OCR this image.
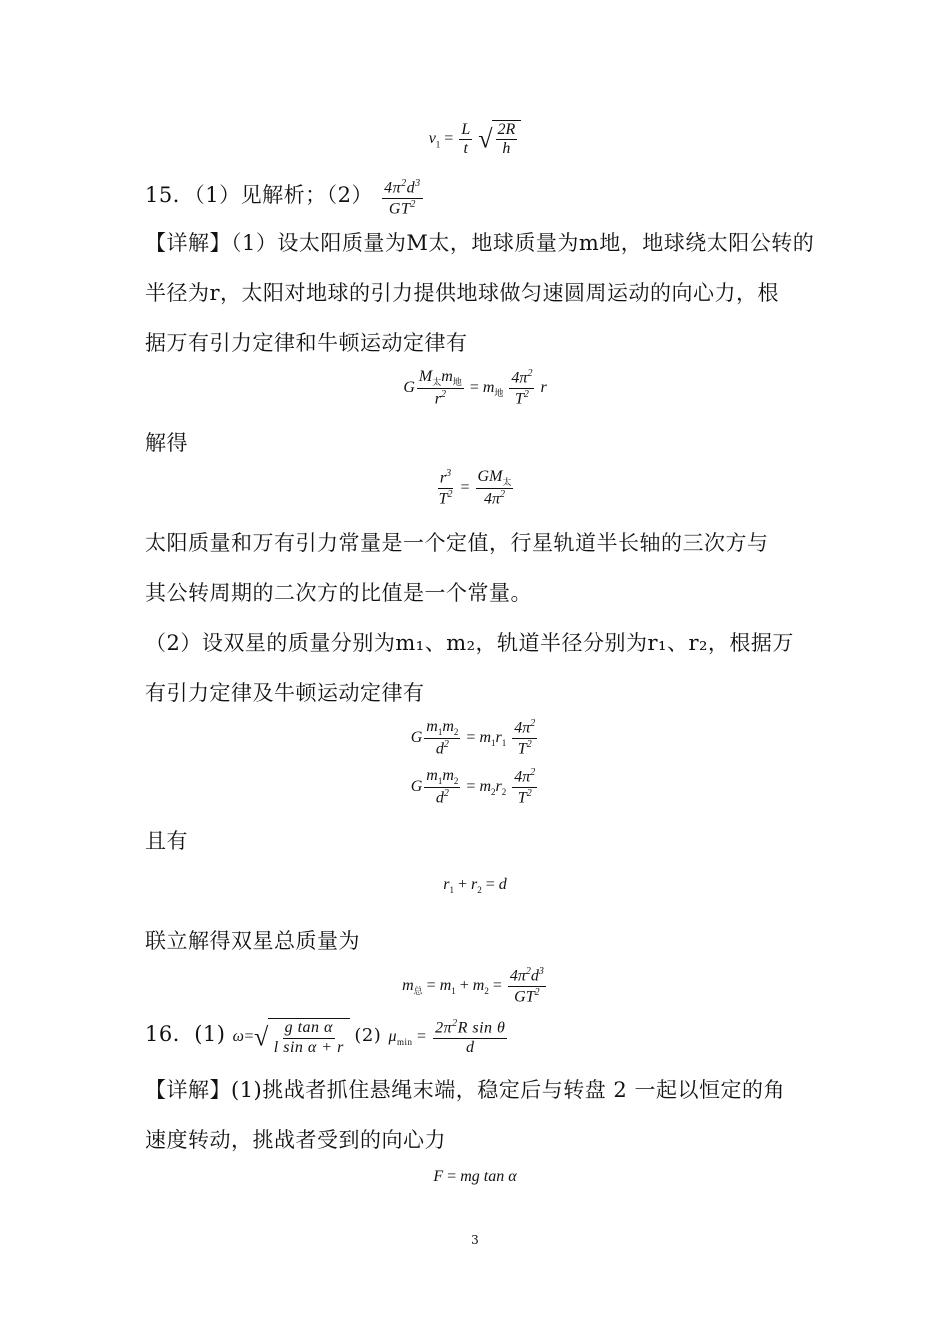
$v_1 = \frac{L}{t}$ √ $\frac{2R}{h}$
15．（1）见解析；$(2) \frac{4\pi^2d^3}{GT^2}$
【详解】（1）设太阳质量为M太，地球质量为m地，地球绕太阳公转的
半径为r，太阳对地球的引力提供地球做匀速圆周运动的向心力，根
据万有引力定律和牛顿运动定律有
G $\frac{M_太m_地}{r^2} = m_地 \frac{4\pi^2}{T^2}$ r
解得
$\frac{r^3}{T^2} = \frac{GM_太}{4\pi^2}$
太阳质量和万有引力常量是一个定值，行星轨道半长轴的三次方与
其公转周期的二次方的比值是一个常量。
（2）设双星的质量分别为m₁、m₂，轨道半径分别为r₁、r₂，根据万
有引力定律及牛顿运动定律有
G $\frac{m_1m_2}{d^2} = m_1r_1 \frac{4\pi^2}{T^2}$
G $\frac{m_1m_2}{d^2} = m_2r_2 \frac{4\pi^2}{T^2}$
且有
$r_1 + r_2 = d$
联立解得双星总质量为
$m_总 = m_1 + m_2 = \frac{4\pi^2d^3}{GT^2}$
16．(1) $\omega=√ \frac{\text{g tan α}}{\text{l sin α + r}} (2) \mu_{min} = \frac{2\pi^2R \sin \theta}{d}$
【详解】(1)挑战者抓住悬绳末端，稳定后与转盘 2 一起以恒定的角
速度转动，挑战者受到的向心力
F = mg tan α
3
